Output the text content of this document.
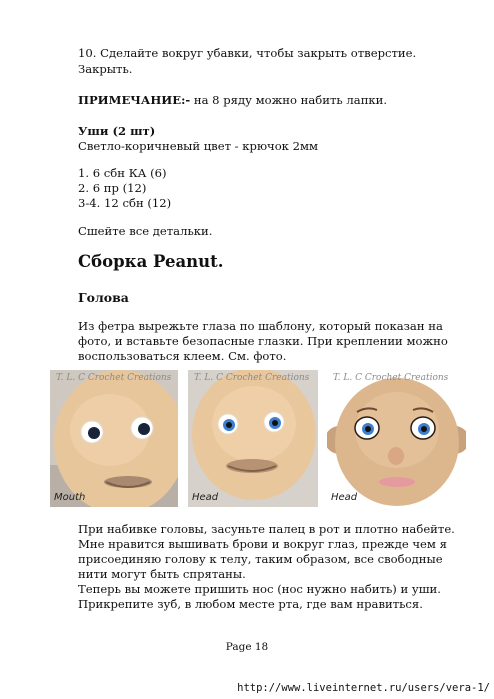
10. Сделайте вокруг убавки, чтобы закрыть отверстие.
Закрыть.
ПРИМЕЧАНИЕ:- на 8 ряду можно набить лапки.
Уши (2 шт)
Светло-коричневый цвет - крючок 2мм
1. 6 сбн КА (6)
2. 6 пр (12)
3-4. 12 сбн (12)
Сшейте все детальки.
Сборка Peanut.
Голова
Из фетра вырежьте глаза по шаблону, который показан на
фото, и вставьте безопасные глазки. При креплении можно
воспользоваться клеем. См. фото.
T. L. C Crochet Creations
Mouth
T. L. C Crochet Creations
Head
T. L. C Crochet Creations
Head
При набивке головы, засуньте палец в рот и плотно набейте.
Мне нравится вышивать брови и вокруг глаз, прежде чем я
присоединяю голову к телу, таким образом, все свободные
нити могут быть спрятаны.
Теперь вы можете пришить нос (нос нужно набить) и уши.
Прикрепите зуб, в любом месте рта, где вам нравиться.
Page 18
http://www.liveinternet.ru/users/vera-1/
